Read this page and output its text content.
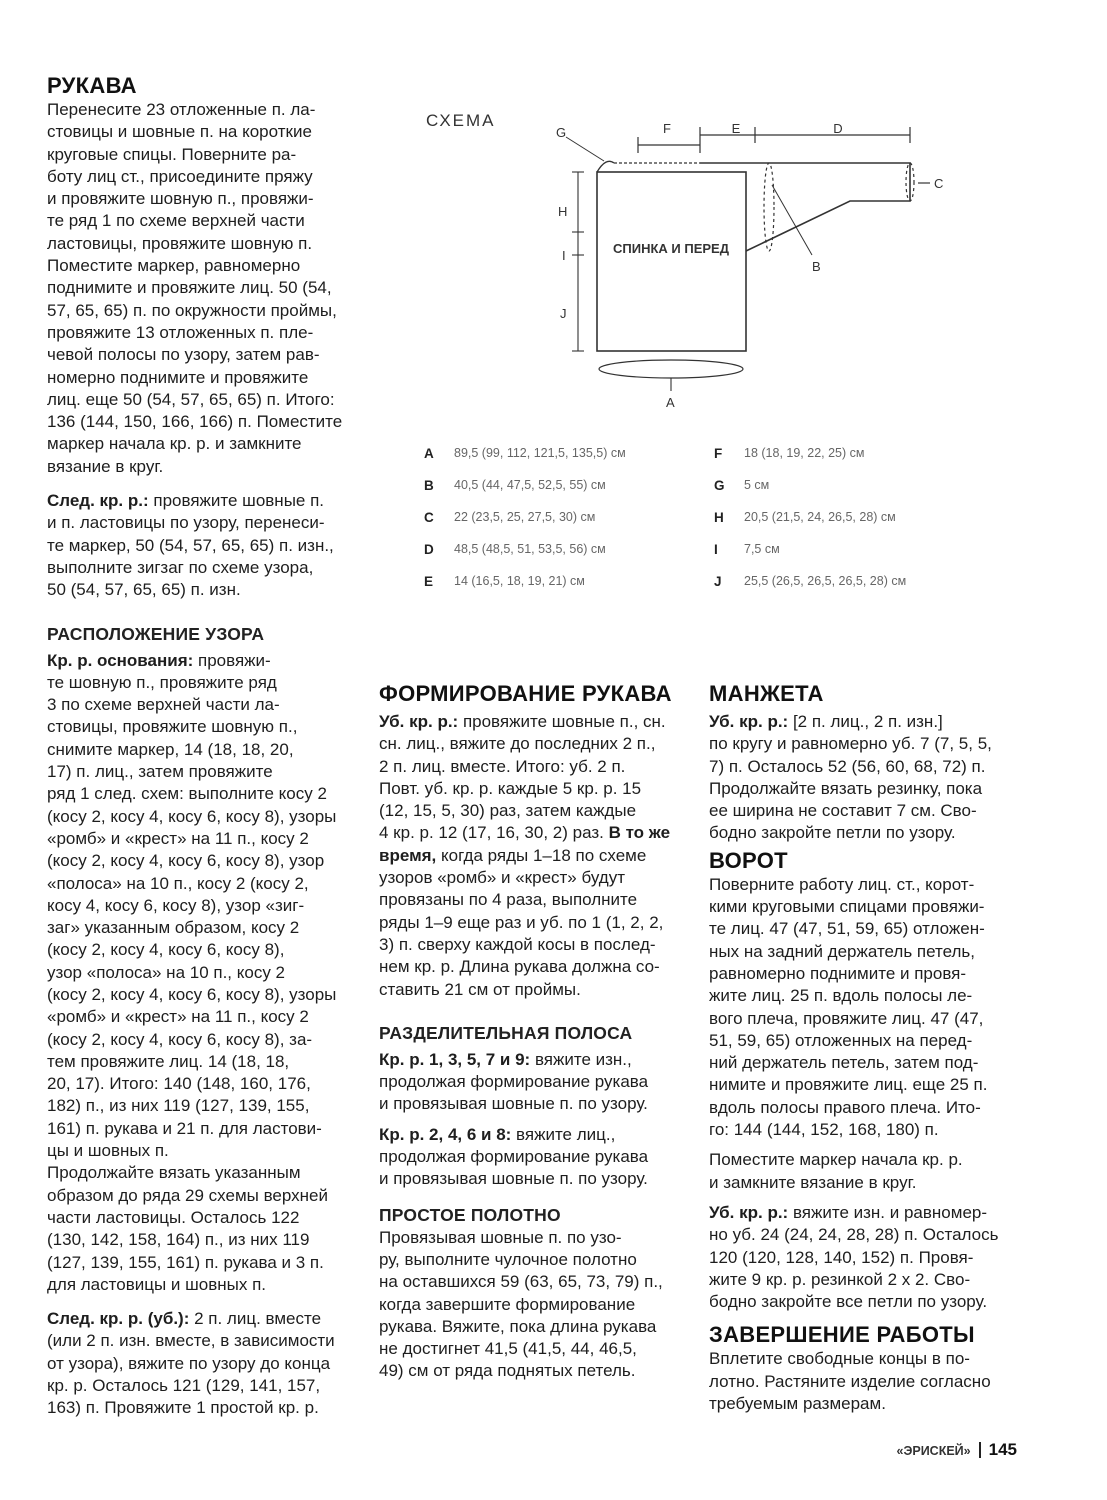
РУКАВА
Перенесите 23 отложенные п. ла-
стовицы и шовные п. на короткие
круговые спицы. Поверните ра-
боту лиц ст., присоедините пряжу
и провяжите шовную п., провяжи-
те ряд 1 по схеме верхней части
ластовицы, провяжите шовную п.
Поместите маркер, равномерно
поднимите и провяжите лиц. 50 (54,
57, 65, 65) п. по окружности проймы,
провяжите 13 отложенных п. пле-
чевой полосы по узору, затем рав-
номерно поднимите и провяжите
лиц. еще 50 (54, 57, 65, 65) п. Итого:
136 (144, 150, 166, 166) п. Поместите
маркер начала кр. р. и замкните
вязание в круг.
След. кр. р.: провяжите шовные п.
и п. ластовицы по узору, перенеси-
те маркер, 50 (54, 57, 65, 65) п. изн.,
выполните зигзаг по схеме узора,
50 (54, 57, 65, 65) п. изн.
РАСПОЛОЖЕНИЕ УЗОРА
Кр. р. основания: провяжи-
те шовную п., провяжите ряд
3 по схеме верхней части ла-
стовицы, провяжите шовную п.,
снимите маркер, 14 (18, 18, 20,
17) п. лиц., затем провяжите
ряд 1 след. схем: выполните косу 2
(косу 2, косу 4, косу 6, косу 8), узоры
«ромб» и «крест» на 11 п., косу 2
(косу 2, косу 4, косу 6, косу 8), узор
«полоса» на 10 п., косу 2 (косу 2,
косу 4, косу 6, косу 8), узор «зиг-
заг» указанным образом, косу 2
(косу 2, косу 4, косу 6, косу 8),
узор «полоса» на 10 п., косу 2
(косу 2, косу 4, косу 6, косу 8), узоры
«ромб» и «крест» на 11 п., косу 2
(косу 2, косу 4, косу 6, косу 8), за-
тем провяжите лиц. 14 (18, 18,
20, 17). Итого: 140 (148, 160, 176,
182) п., из них 119 (127, 139, 155,
161) п. рукава и 21 п. для ластови-
цы и шовных п.
Продолжайте вязать указанным
образом до ряда 29 схемы верхней
части ластовицы. Осталось 122
(130, 142, 158, 164) п., из них 119
(127, 139, 155, 161) п. рукава и 3 п.
для ластовицы и шовных п.
След. кр. р. (уб.): 2 п. лиц. вместе
(или 2 п. изн. вместе, в зависимости
от узора), вяжите по узору до конца
кр. р. Осталось 121 (129, 141, 157,
163) п. Провяжите 1 простой кр. р.
СХЕМА
СПИНКА И ПЕРЕД
F	E	D
G
C
B
H
I
J
A
A 89,5 (99, 112, 121,5, 135,5) см
B 40,5 (44, 47,5, 52,5, 55) см
C 22 (23,5, 25, 27,5, 30) см
D 48,5 (48,5, 51, 53,5, 56) см
E 14 (16,5, 18, 19, 21) см
F 18 (18, 19, 22, 25) см
G 5 см
H 20,5 (21,5, 24, 26,5, 28) см
I 7,5 см
J 25,5 (26,5, 26,5, 26,5, 28) см
ФОРМИРОВАНИЕ РУКАВА
Уб. кр. р.: провяжите шовные п., сн.
сн. лиц., вяжите до последних 2 п.,
2 п. лиц. вместе. Итого: уб. 2 п.
Повт. уб. кр. р. каждые 5 кр. р. 15
(12, 15, 5, 30) раз, затем каждые
4 кр. р. 12 (17, 16, 30, 2) раз. В то же
время, когда ряды 1–18 по схеме
узоров «ромб» и «крест» будут
провязаны по 4 раза, выполните
ряды 1–9 еще раз и уб. по 1 (1, 2, 2,
3) п. сверху каждой косы в послед-
нем кр. р. Длина рукава должна со-
ставить 21 см от проймы.
РАЗДЕЛИТЕЛЬНАЯ ПОЛОСА
Кр. р. 1, 3, 5, 7 и 9: вяжите изн.,
продолжая формирование рукава
и провязывая шовные п. по узору.
Кр. р. 2, 4, 6 и 8: вяжите лиц.,
продолжая формирование рукава
и провязывая шовные п. по узору.
ПРОСТОЕ ПОЛОТНО
Провязывая шовные п. по узо-
ру, выполните чулочное полотно
на оставшихся 59 (63, 65, 73, 79) п.,
когда завершите формирование
рукава. Вяжите, пока длина рукава
не достигнет 41,5 (41,5, 44, 46,5,
49) см от ряда поднятых петель.
МАНЖЕТА
Уб. кр. р.: [2 п. лиц., 2 п. изн.]
по кругу и равномерно уб. 7 (7, 5, 5,
7) п. Осталось 52 (56, 60, 68, 72) п.
Продолжайте вязать резинку, пока
ее ширина не составит 7 см. Сво-
бодно закройте петли по узору.
ВОРОТ
Поверните работу лиц. ст., корот-
кими круговыми спицами провяжи-
те лиц. 47 (47, 51, 59, 65) отложен-
ных на задний держатель петель,
равномерно поднимите и провя-
жите лиц. 25 п. вдоль полосы ле-
вого плеча, провяжите лиц. 47 (47,
51, 59, 65) отложенных на перед-
ний держатель петель, затем под-
нимите и провяжите лиц. еще 25 п.
вдоль полосы правого плеча. Ито-
го: 144 (144, 152, 168, 180) п.
Поместите маркер начала кр. р.
и замкните вязание в круг.
Уб. кр. р.: вяжите изн. и равномер-
но уб. 24 (24, 24, 28, 28) п. Осталось
120 (120, 128, 140, 152) п. Провя-
жите 9 кр. р. резинкой 2 х 2. Сво-
бодно закройте все петли по узору.
ЗАВЕРШЕНИЕ РАБОТЫ
Вплетите свободные концы в по-
лотно. Растяните изделие согласно
требуемым размерам.
«ЭРИСКЕЙ» 145
